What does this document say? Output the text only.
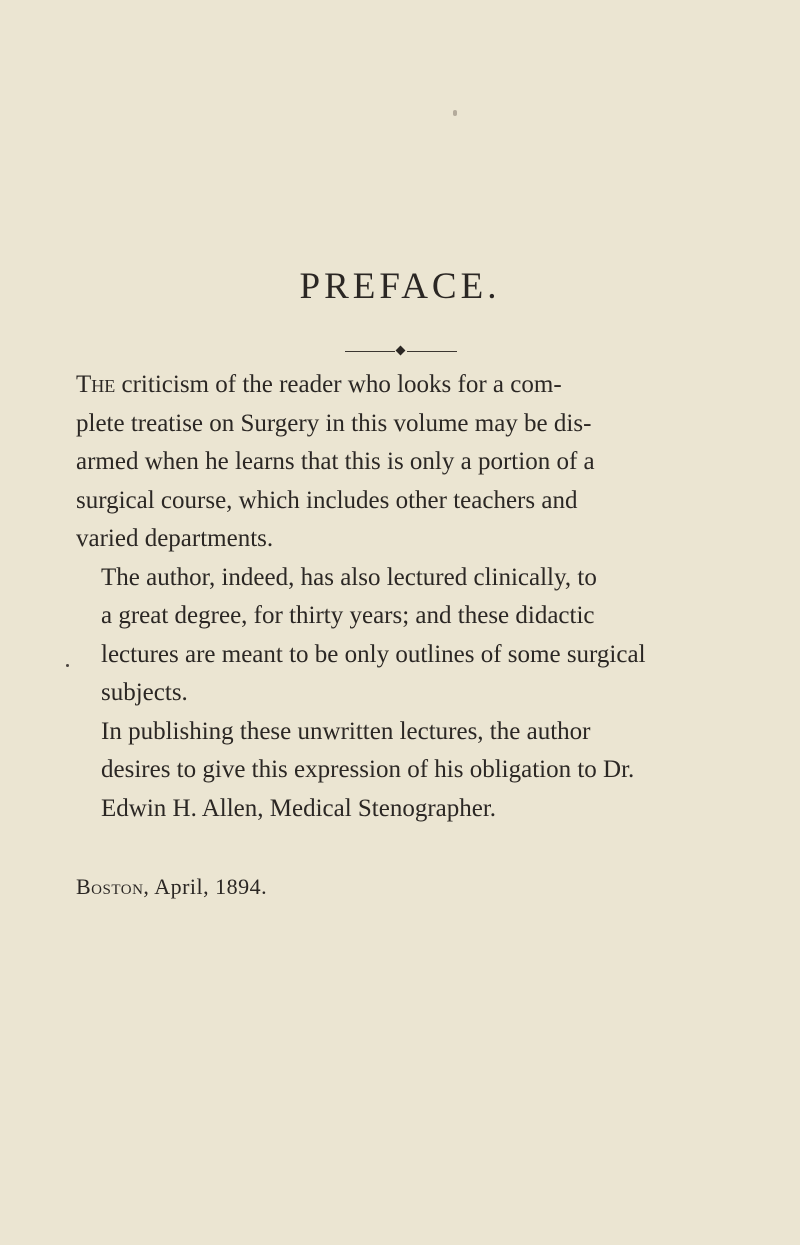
PREFACE.

The criticism of the reader who looks for a com-
plete treatise on Surgery in this volume may be dis-
armed when he learns that this is only a portion of a
surgical course, which includes other teachers and
varied departments.

The author, indeed, has also lectured clinically, to
a great degree, for thirty years; and these didactic
lectures are meant to be only outlines of some surgical
subjects.

In publishing these unwritten lectures, the author
desires to give this expression of his obligation to Dr.
Edwin H. Allen, Medical Stenographer.

Boston, April, 1894.
